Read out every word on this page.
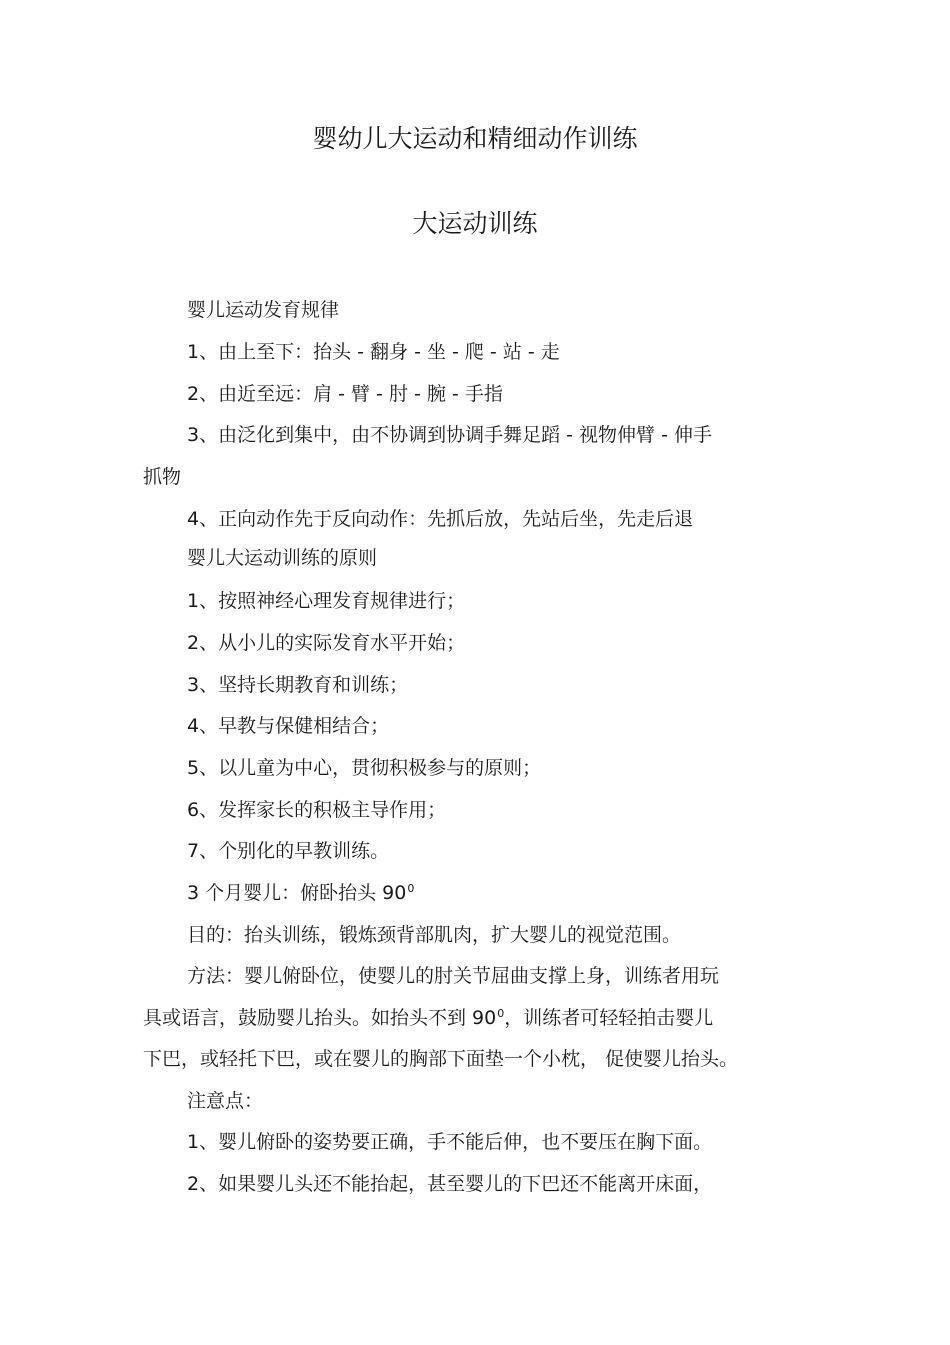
婴幼儿大运动和精细动作训练
大运动训练

婴儿运动发育规律

1、由上至下：抬头 - 翻身 - 坐 - 爬 - 站 - 走

2、由近至远：肩 - 臂 - 肘 - 腕 - 手指

3、由泛化到集中，由不协调到协调手舞足蹈 - 视物伸臂 - 伸手

抓物

4、正向动作先于反向动作：先抓后放，先站后坐，先走后退

婴儿大运动训练的原则

1、按照神经心理发育规律进行；

2、从小儿的实际发育水平开始；

3、坚持长期教育和训练；

4、早教与保健相结合；

5、以儿童为中心，贯彻积极参与的原则；

6、发挥家长的积极主导作用；

7、个别化的早教训练。

3 个月婴儿：俯卧抬头 $90^0$

目的：抬头训练，锻炼颈背部肌肉，扩大婴儿的视觉范围。

方法：婴儿俯卧位，使婴儿的肘关节屈曲支撑上身，训练者用玩

具或语言，鼓励婴儿抬头。如抬头不到 $90^0$，训练者可轻轻拍击婴儿

下巴，或轻托下巴，或在婴儿的胸部下面垫一个小枕， 促使婴儿抬头。

注意点：

1、婴儿俯卧的姿势要正确，手不能后伸，也不要压在胸下面。

2、如果婴儿头还不能抬起，甚至婴儿的下巴还不能离开床面，
